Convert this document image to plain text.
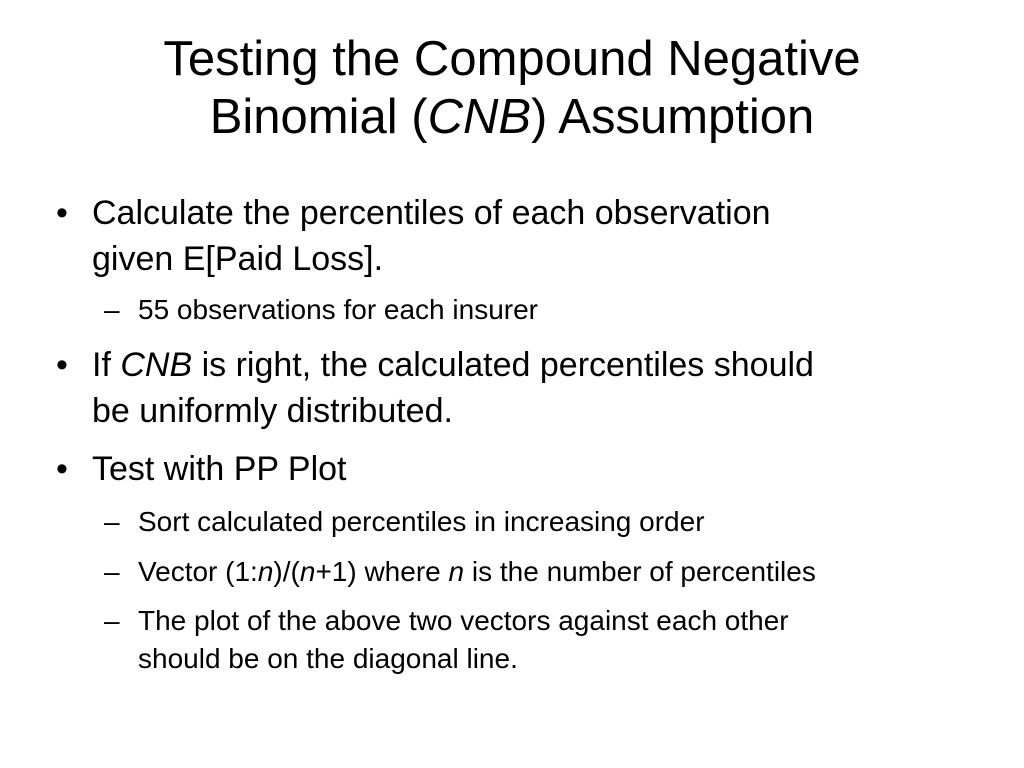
Testing the Compound Negative
Binomial (CNB) Assumption
• Calculate the percentiles of each observation
given E[Paid Loss].
– 55 observations for each insurer
• If CNB is right, the calculated percentiles should
be uniformly distributed.
• Test with PP Plot
– Sort calculated percentiles in increasing order
– Vector (1:n)/(n+1) where n is the number of percentiles
– The plot of the above two vectors against each other
should be on the diagonal line.
